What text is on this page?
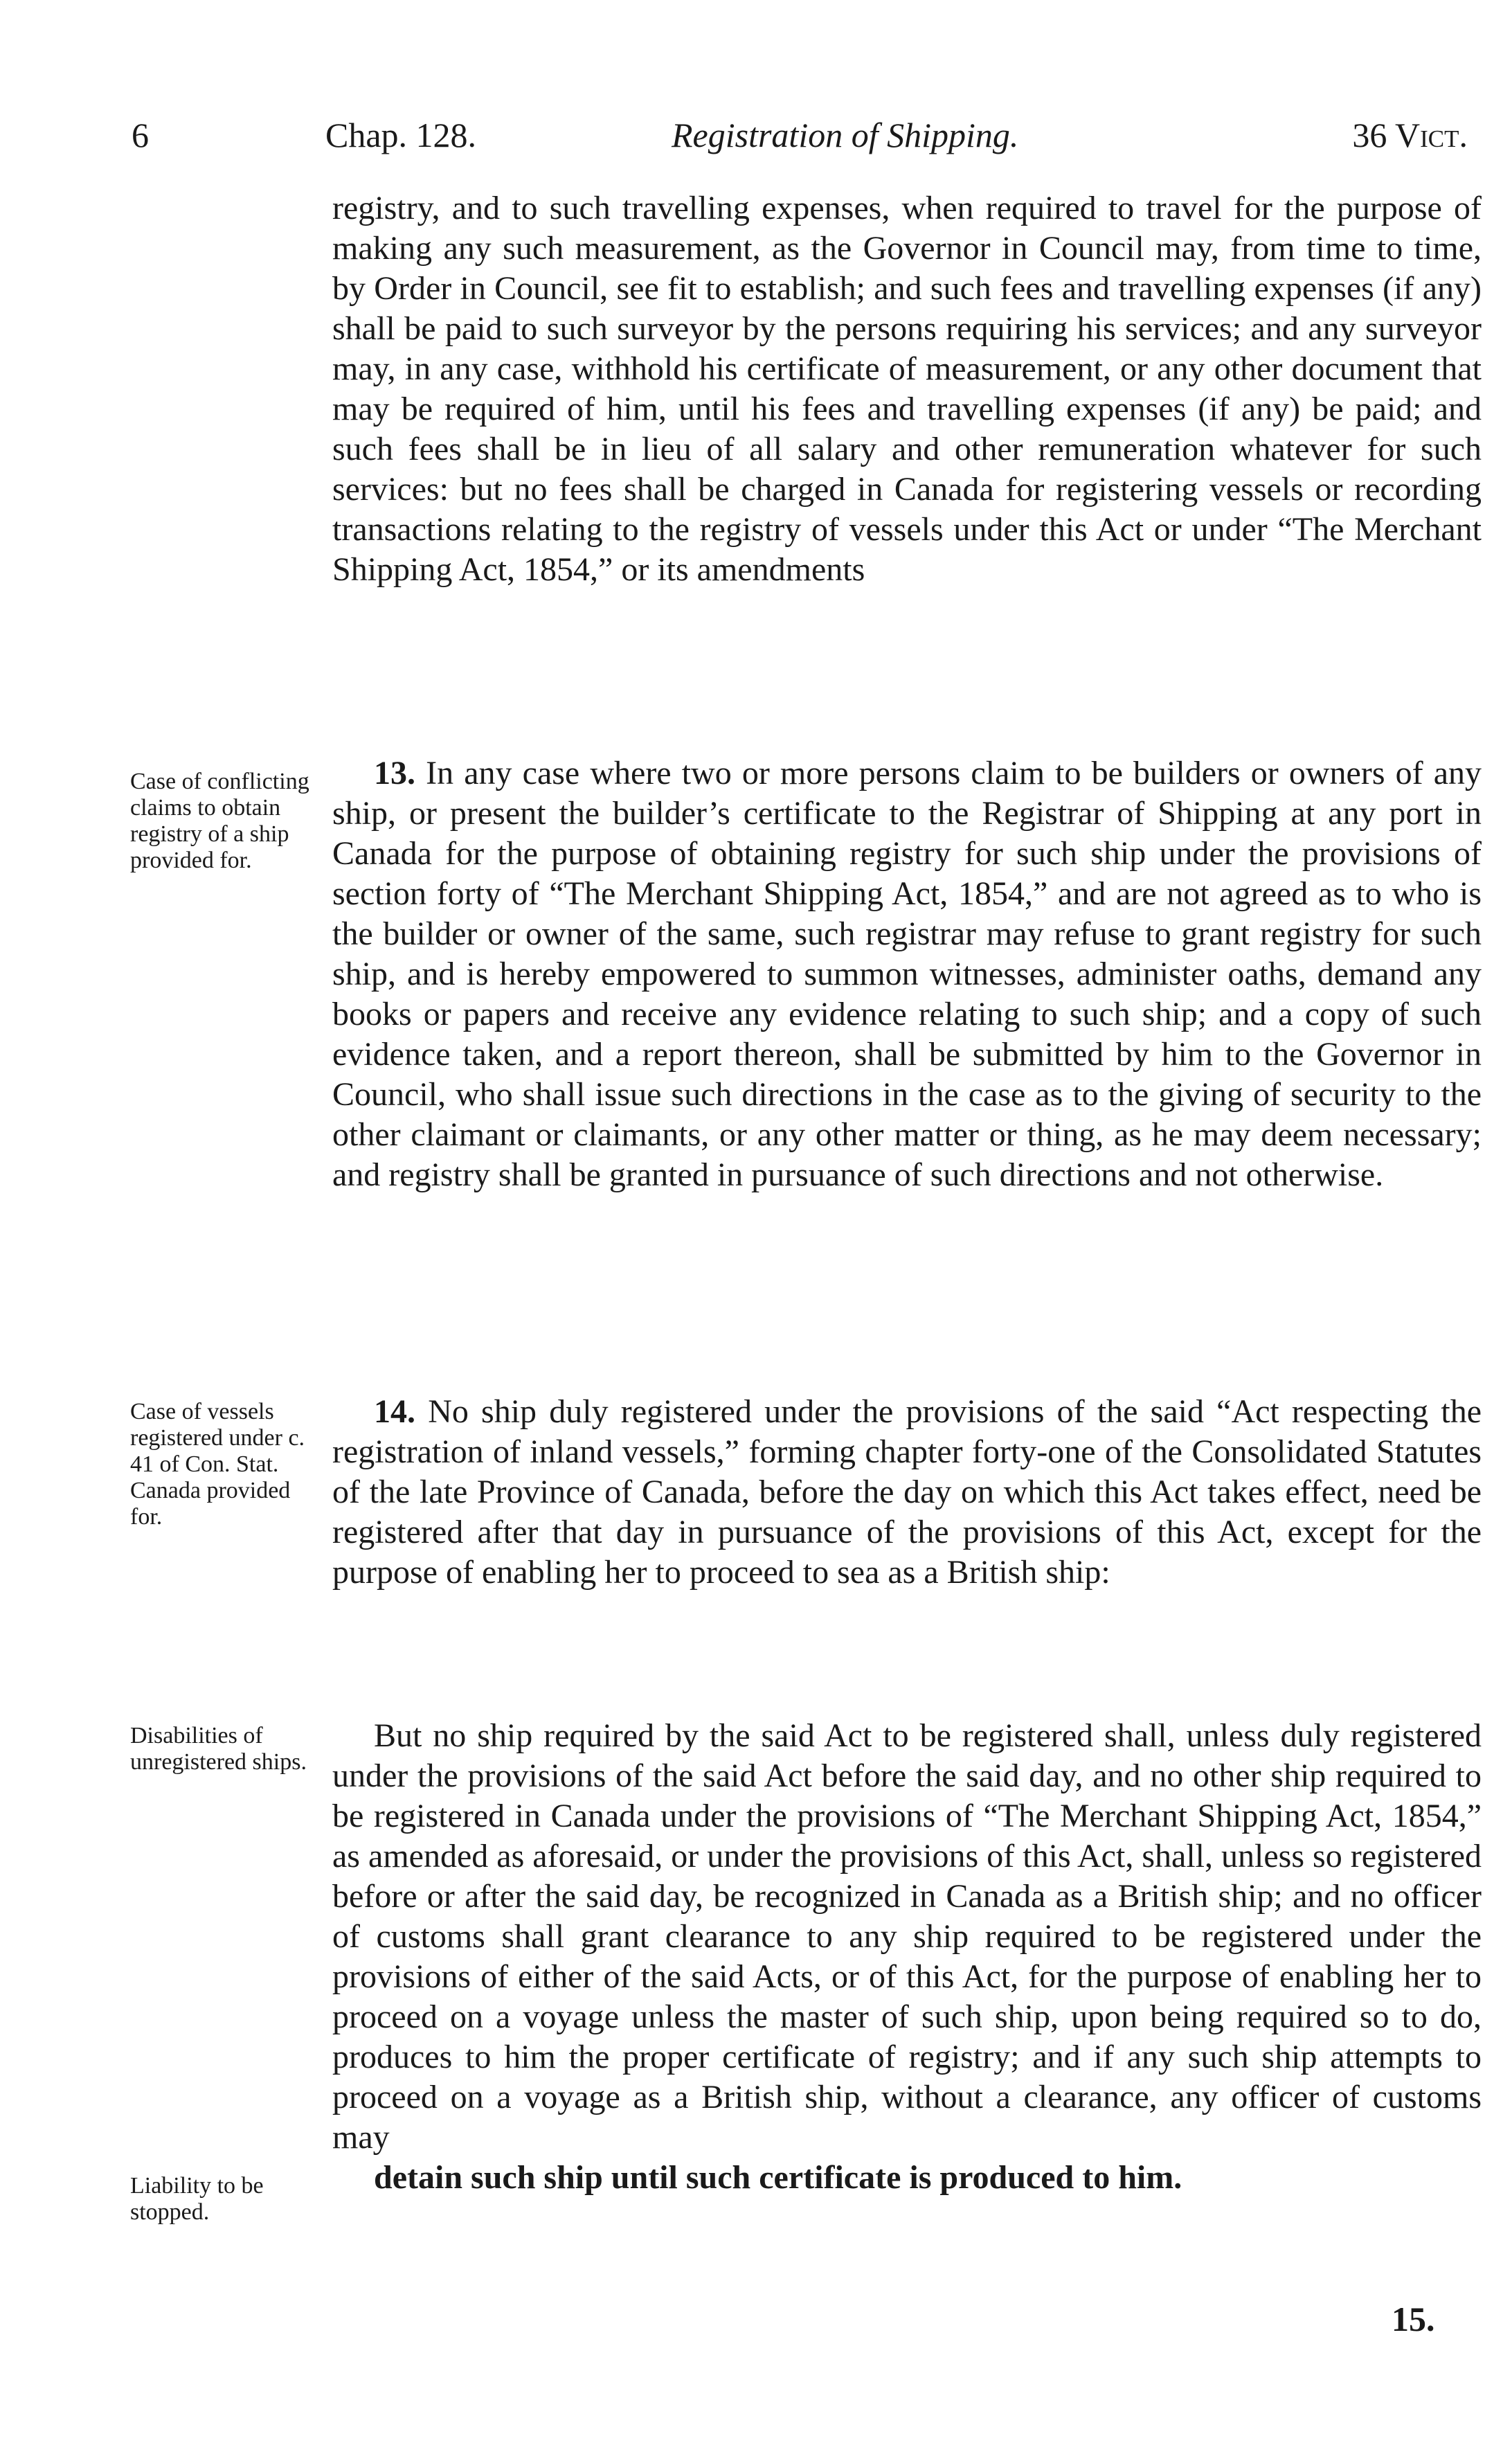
6	Chap. 128.	Registration of Shipping.	36 Vict.

registry, and to such travelling expenses, when required to travel for the purpose of making any such measurement, as the Governor in Council may, from time to time, by Order in Council, see fit to establish; and such fees and travelling expenses (if any) shall be paid to such surveyor by the persons requiring his services; and any surveyor may, in any case, withhold his certificate of measurement, or any other document that may be required of him, until his fees and travelling expenses (if any) be paid; and such fees shall be in lieu of all salary and other remuneration whatever for such services: but no fees shall be charged in Canada for registering vessels or recording transactions relating to the registry of vessels under this Act or under “The Merchant Shipping Act, 1854,” or its amendments

Case of conflicting claims to obtain registry of a ship provided for.

13. In any case where two or more persons claim to be builders or owners of any ship, or present the builder’s certificate to the Registrar of Shipping at any port in Canada for the purpose of obtaining registry for such ship under the provisions of section forty of “The Merchant Shipping Act, 1854,” and are not agreed as to who is the builder or owner of the same, such registrar may refuse to grant registry for such ship, and is hereby empowered to summon witnesses, administer oaths, demand any books or papers and receive any evidence relating to such ship; and a copy of such evidence taken, and a report thereon, shall be submitted by him to the Governor in Council, who shall issue such directions in the case as to the giving of security to the other claimant or claimants, or any other matter or thing, as he may deem necessary; and registry shall be granted in pursuance of such directions and not otherwise.

Case of vessels registered under c. 41 of Con. Stat. Canada provided for.

14. No ship duly registered under the provisions of the said “Act respecting the registration of inland vessels,” forming chapter forty-one of the Consolidated Statutes of the late Province of Canada, before the day on which this Act takes effect, need be registered after that day in pursuance of the provisions of this Act, except for the purpose of enabling her to proceed to sea as a British ship:

Disabilities of unregistered ships.

But no ship required by the said Act to be registered shall, unless duly registered under the provisions of the said Act before the said day, and no other ship required to be registered in Canada under the provisions of “The Merchant Shipping Act, 1854,” as amended as aforesaid, or under the provisions of this Act, shall, unless so registered before or after the said day, be recognized in Canada as a British ship; and no officer of customs shall grant clearance to any ship required to be registered under the provisions of either of the said Acts, or of this Act, for the purpose of enabling her to proceed on a voyage unless the master of such ship, upon being required so to do, produces to him the proper certificate of registry; and if any such ship attempts to proceed on a voyage as a British ship, without a clearance, any officer of customs may

detain such ship until such certificate is produced to him.

Liability to be stopped.
15.
